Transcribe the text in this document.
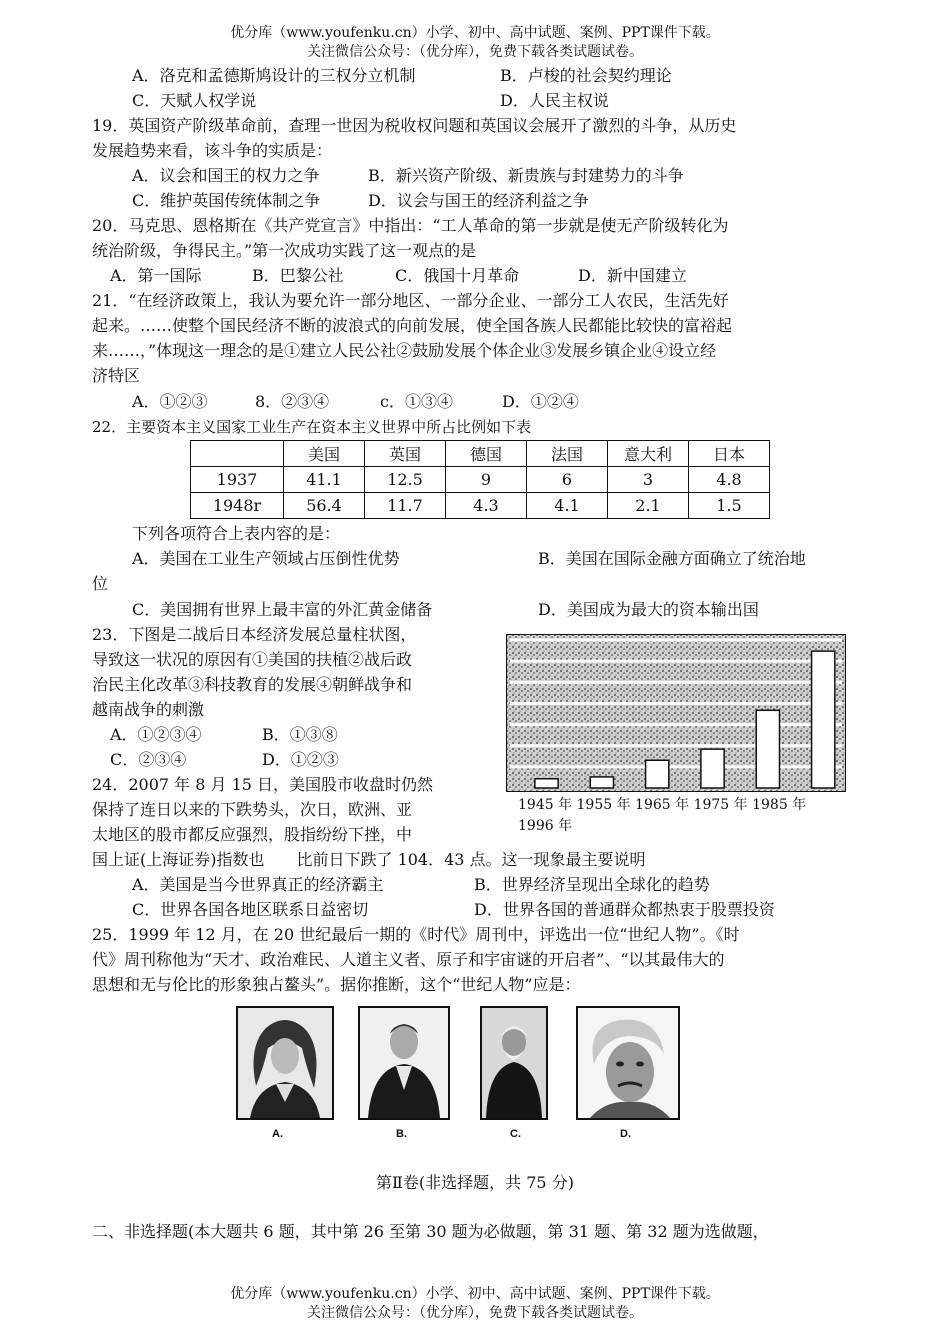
优分库（www.youfenku.cn）小学、初中、高中试题、案例、PPT课件下载。
关注微信公众号：（优分库），免费下载各类试题试卷。
A．洛克和孟德斯鸠设计的三权分立机制	B．卢梭的社会契约理论
C．天赋人权学说	D．人民主权说
19．英国资产阶级革命前，查理一世因为税收权问题和英国议会展开了激烈的斗争，从历史
发展趋势来看，该斗争的实质是：
A．议会和国王的权力之争	B．新兴资产阶级、新贵族与封建势力的斗争
C．维护英国传统体制之争	D．议会与国王的经济利益之争
20．马克思、恩格斯在《共产党宣言》中指出：“工人革命的第一步就是使无产阶级转化为
统治阶级，争得民主。”第一次成功实践了这一观点的是
A．第一国际	B．巴黎公社	C．俄国十月革命	D．新中国建立
21．“在经济政策上，我认为要允许一部分地区、一部分企业、一部分工人农民，生活先好
起来。……使整个国民经济不断的波浪式的向前发展，使全国各族人民都能比较快的富裕起
来……，”体现这一理念的是①建立人民公社②鼓励发展个体企业③发展乡镇企业④设立经
济特区
A．①②③	8．②③④	c．①③④	D．①②④
22．主要资本主义国家工业生产在资本主义世界中所占比例如下表
	美国	英国	德国	法国	意大利	日本
1937	41.1	12.5	9	6	3	4.8
1948r	56.4	11.7	4.3	4.1	2.1	1.5
下列各项符合上表内容的是：
A．美国在工业生产领域占压倒性优势	B．美国在国际金融方面确立了统治地
位
C．美国拥有世界上最丰富的外汇黄金储备	D．美国成为最大的资本输出国
23．下图是二战后日本经济发展总量柱状图，
导致这一状况的原因有①美国的扶植②战后政
治民主化改革③科技教育的发展④朝鲜战争和
越南战争的刺激
A．①②③④	B．①③⑧
C．②③④	D．①②③
1945 年 1955 年 1965 年 1975 年 1985 年
1996 年
24．2007 年 8 月 15 日，美国股市收盘时仍然
保持了连日以来的下跌势头，次日，欧洲、亚
太地区的股市都反应强烈，股指纷纷下挫，中
国上证(上海证券)指数也　　比前日下跌了 104．43 点。这一现象最主要说明
A．美国是当今世界真正的经济霸主	B．世界经济呈现出全球化的趋势
C．世界各国各地区联系日益密切	D．世界各国的普通群众都热衷于股票投资
25．1999 年 12 月，在 20 世纪最后一期的《时代》周刊中，评选出一位“世纪人物”。《时
代》周刊称他为“天才、政治难民、人道主义者、原子和宇宙谜的开启者”、“以其最伟大的
思想和无与伦比的形象独占鳌头”。据你推断，这个“世纪人物”应是：
A.	B.	C.	D.
第Ⅱ卷(非选择题，共 75 分)
二、非选择题(本大题共 6 题，其中第 26 至第 30 题为必做题，第 31 题、第 32 题为选做题，
优分库（www.youfenku.cn）小学、初中、高中试题、案例、PPT课件下载。
关注微信公众号：（优分库），免费下载各类试题试卷。
